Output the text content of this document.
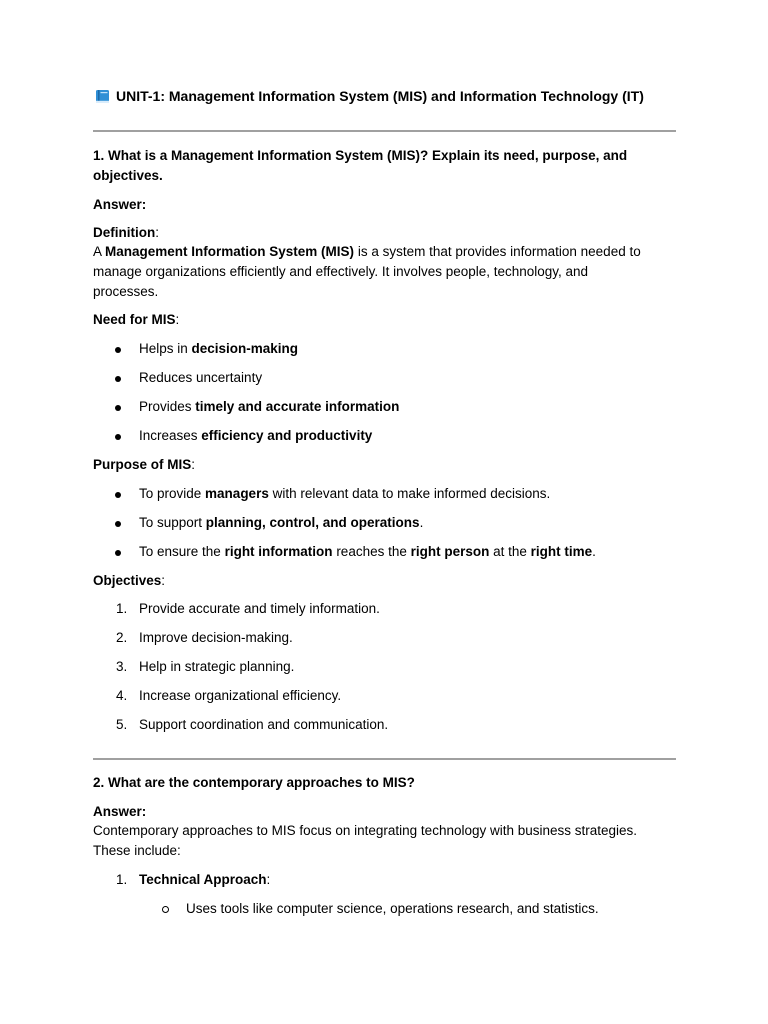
UNIT-1: Management Information System (MIS) and Information Technology (IT)
1. What is a Management Information System (MIS)? Explain its need, purpose, and
objectives.
Answer:
Definition:
A Management Information System (MIS) is a system that provides information needed to
manage organizations efficiently and effectively. It involves people, technology, and
processes.
Need for MIS:
Helps in decision-making
Reduces uncertainty
Provides timely and accurate information
Increases efficiency and productivity
Purpose of MIS:
To provide managers with relevant data to make informed decisions.
To support planning, control, and operations.
To ensure the right information reaches the right person at the right time.
Objectives:
1. Provide accurate and timely information.
2. Improve decision-making.
3. Help in strategic planning.
4. Increase organizational efficiency.
5. Support coordination and communication.
2. What are the contemporary approaches to MIS?
Answer:
Contemporary approaches to MIS focus on integrating technology with business strategies.
These include:
1. Technical Approach:
Uses tools like computer science, operations research, and statistics.
